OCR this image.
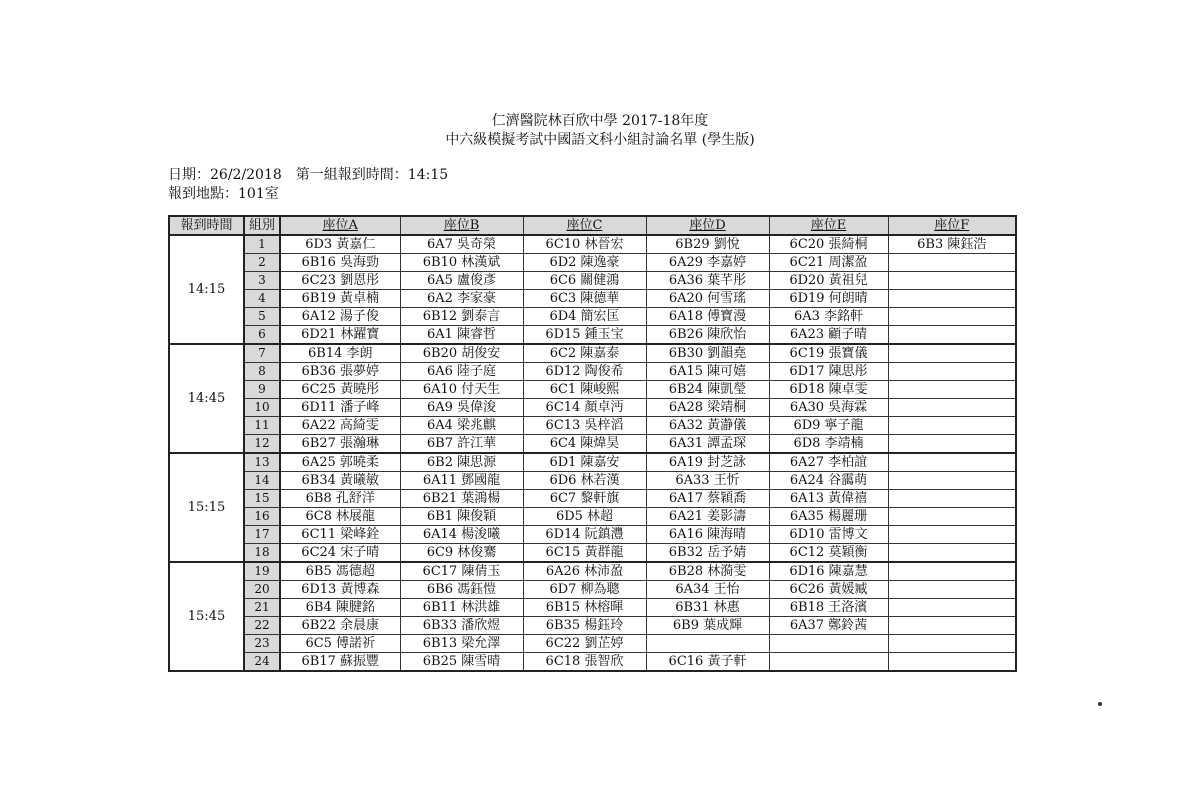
仁濟醫院林百欣中學 2017-18年度
中六級模擬考試中國語文科小組討論名單 (學生版)
日期：26/2/2018 第一組報到時間：14:15
報到地點：101室
報到時間	組別	座位A	座位B	座位C	座位D	座位E	座位F
14:15	1	6D3 黃嘉仁	6A7 吳奇榮	6C10 林晉宏	6B29 劉悅	6C20 張綺桐	6B3 陳鈺浩
	2	6B16 吳海勁	6B10 林漢斌	6D2 陳逸豪	6A29 李嘉婷	6C21 周潔盈	
	3	6C23 劉恩彤	6A5 盧俊彥	6C6 關健鴻	6A36 葉芊彤	6D20 黃祖兒	
	4	6B19 黃卓楠	6A2 李家豪	6C3 陳德華	6A20 何雪瑤	6D19 何朗晴	
	5	6A12 湯子俊	6B12 劉泰言	6D4 簡宏匡	6A18 傅寶漫	6A3 李銘軒	
	6	6D21 林躍寶	6A1 陳睿哲	6D15 鍾玉宝	6B26 陳欣怡	6A23 顧子晴	
14:45	7	6B14 李朗	6B20 胡俊安	6C2 陳嘉泰	6B30 劉韻堯	6C19 張寶儀	
	8	6B36 張夢婷	6A6 陸子庭	6D12 陶俊希	6A15 陳可嬉	6D17 陳思彤	
	9	6C25 黃曉彤	6A10 付天生	6C1 陳峻熙	6B24 陳凱瑩	6D18 陳卓雯	
	10	6D11 潘子峰	6A9 吳偉浚	6C14 顏卓沔	6A28 梁靖桐	6A30 吳海霖	
	11	6A22 高綺雯	6A4 梁兆麒	6C13 吳梓滔	6A32 黃瀞儀	6D9 寧子龍	
	12	6B27 張瀚琳	6B7 許江華	6C4 陳煒昊	6A31 譚孟琛	6D8 李靖楠	
15:15	13	6A25 郭曉柔	6B2 陳思源	6D1 陳嘉安	6A19 封芝詠	6A27 李柏誼	
	14	6B34 黃曦敏	6A11 鄧國龍	6D6 林若漢	6A33 王忻	6A24 谷靄萌	
	15	6B8 孔舒洋	6B21 葉鴻楊	6C7 黎軒旗	6A17 蔡穎喬	6A13 黃偉禧	
	16	6C8 林展龍	6B1 陳俊穎	6D5 林超	6A21 姜影濤	6A35 楊麗珊	
	17	6C11 梁峰銓	6A14 楊浚曦	6D14 阮鎮灃	6A16 陳海晴	6D10 雷博文	
	18	6C24 宋子晴	6C9 林俊騫	6C15 黃群龍	6B32 岳予婧	6C12 莫穎衡	
15:45	19	6B5 馮德超	6C17 陳倩玉	6A26 林沛盈	6B28 林漪雯	6D16 陳嘉慧	
	20	6D13 黃博森	6B6 馮鈺愷	6D7 柳為聰	6A34 王怡	6C26 黃媛臧	
	21	6B4 陳腱銘	6B11 林洪雄	6B15 林榕暉	6B31 林惠	6B18 王洛濱	
	22	6B22 余晨康	6B33 潘欣煜	6B35 楊鈺玲	6B9 葉成輝	6A37 鄭鈴茜	
	23	6C5 傅諾祈	6B13 梁允澤	6C22 劉芷婷			
	24	6B17 蘇振豐	6B25 陳雪晴	6C18 張智欣	6C16 黃子軒		
